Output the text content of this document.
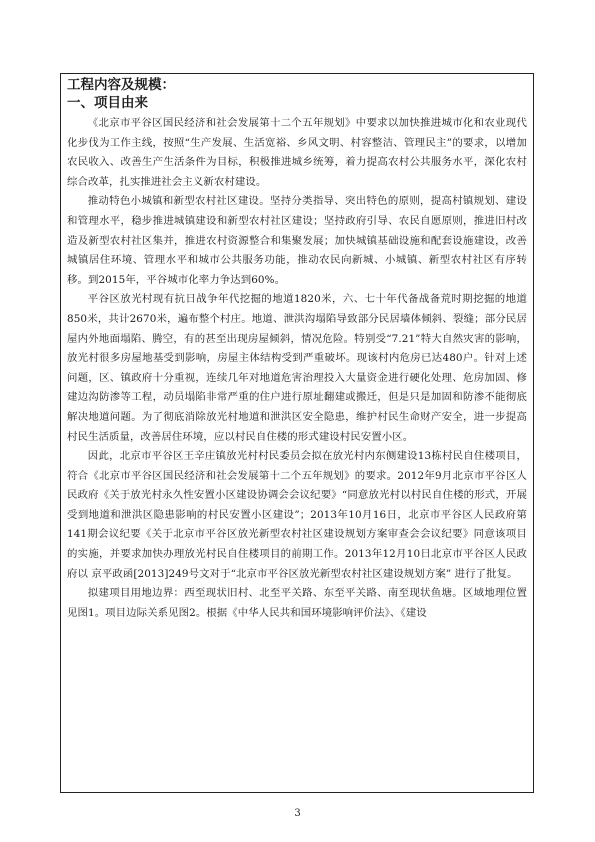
工程内容及规模：

一、项目由来

《北京市平谷区国民经济和社会发展第十二个五年规划》中要求以加快推进城市化和农业现代化步伐为工作主线，按照“生产发展、生活宽裕、乡风文明、村容整洁、管理民主”的要求，以增加农民收入、改善生产生活条件为目标，积极推进城乡统筹，着力提高农村公共服务水平，深化农村综合改革，扎实推进社会主义新农村建设。

推动特色小城镇和新型农村社区建设。坚持分类指导、突出特色的原则，提高村镇规划、建设和管理水平，稳步推进城镇建设和新型农村社区建设；坚持政府引导、农民自愿原则，推进旧村改造及新型农村社区集并，推进农村资源整合和集聚发展；加快城镇基础设施和配套设施建设，改善城镇居住环境、管理水平和城市公共服务功能，推动农民向新城、小城镇、新型农村社区有序转移。到2015年，平谷城市化率力争达到60%。

平谷区放光村现有抗日战争年代挖掘的地道1820米，六、七十年代备战备荒时期挖掘的地道850米，共计2670米，遍布整个村庄。地道、泄洪沟塌陷导致部分民居墙体倾斜、裂缝；部分民居屋内外地面塌陷、腾空，有的甚至出现房屋倾斜，情况危险。特别受“7.21”特大自然灾害的影响，放光村很多房屋地基受到影响，房屋主体结构受到严重破坏。现该村内危房已达480户。针对上述问题，区、镇政府十分重视，连续几年对地道危害治理投入大量资金进行硬化处理、危房加固、修建边沟防渗等工程，动员塌陷非常严重的住户进行原址翻建或搬迁，但是只是加固和防渗不能彻底解决地道问题。为了彻底消除放光村地道和泄洪区安全隐患，维护村民生命财产安全，进一步提高村民生活质量，改善居住环境，应以村民自住楼的形式建设村民安置小区。

因此，北京市平谷区王辛庄镇放光村村民委员会拟在放光村内东侧建设13栋村民自住楼项目，符合《北京市平谷区国民经济和社会发展第十二个五年规划》的要求。2012年9月北京市平谷区人民政府《关于放光村永久性安置小区建设协调会会议纪要》“同意放光村以村民自住楼的形式，开展受到地道和泄洪区隐患影响的村民安置小区建设”；2013年10月16日，北京市平谷区人民政府第141期会议纪要《关于北京市平谷区放光新型农村社区建设规划方案审查会会议纪要》同意该项目的实施，并要求加快办理放光村民自住楼项目的前期工作。2013年12月10日北京市平谷区人民政府以 京平政函[2013]249号文对于“北京市平谷区放光新型农村社区建设规划方案” 进行了批复。

拟建项目用地边界：西至现状旧村、北至平关路、东至平关路、南至现状鱼塘。区域地理位置见图1。项目边际关系见图2。根据《中华人民共和国环境影响评价法》、《建设

3
